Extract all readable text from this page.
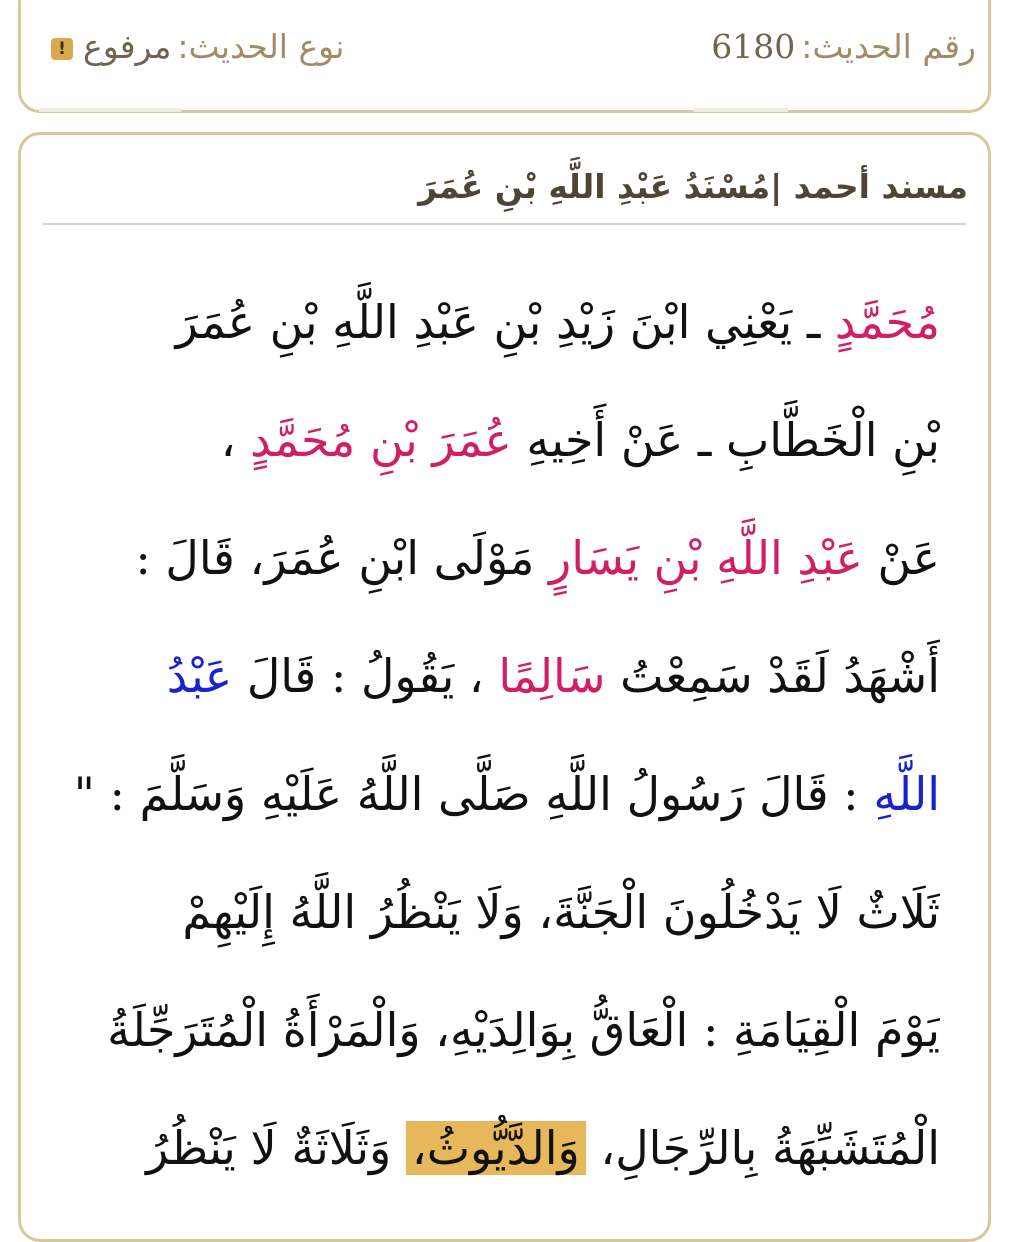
رقم الحديث:6180
نوع الحديث:مرفوع!
مسند أحمد |مُسْنَدُ عَبْدِ اللَّهِ بْنِ عُمَرَ
مُحَمَّدٍ ـ يَعْنِي ابْنَ زَيْدِ بْنِ عَبْدِ اللَّهِ بْنِ عُمَرَ
بْنِ الْخَطَّابِ ـ عَنْ أَخِيهِ عُمَرَ بْنِ مُحَمَّدٍ ،
عَنْ عَبْدِ اللَّهِ بْنِ يَسَارٍ مَوْلَى ابْنِ عُمَرَ، قَالَ :
أَشْهَدُ لَقَدْ سَمِعْتُ سَالِمًا ، يَقُولُ : قَالَ عَبْدُ
اللَّهِ : قَالَ رَسُولُ اللَّهِ صَلَّى اللَّهُ عَلَيْهِ وَسَلَّمَ : "
ثَلَاثٌ لَا يَدْخُلُونَ الْجَنَّةَ، وَلَا يَنْظُرُ اللَّهُ إِلَيْهِمْ
يَوْمَ الْقِيَامَةِ : الْعَاقُّ بِوَالِدَيْهِ، وَالْمَرْأَةُ الْمُتَرَجِّلَةُ
الْمُتَشَبِّهَةُ بِالرِّجَالِ، وَالدَّيُّوثُ، وَثَلَاثَةٌ لَا يَنْظُرُ
